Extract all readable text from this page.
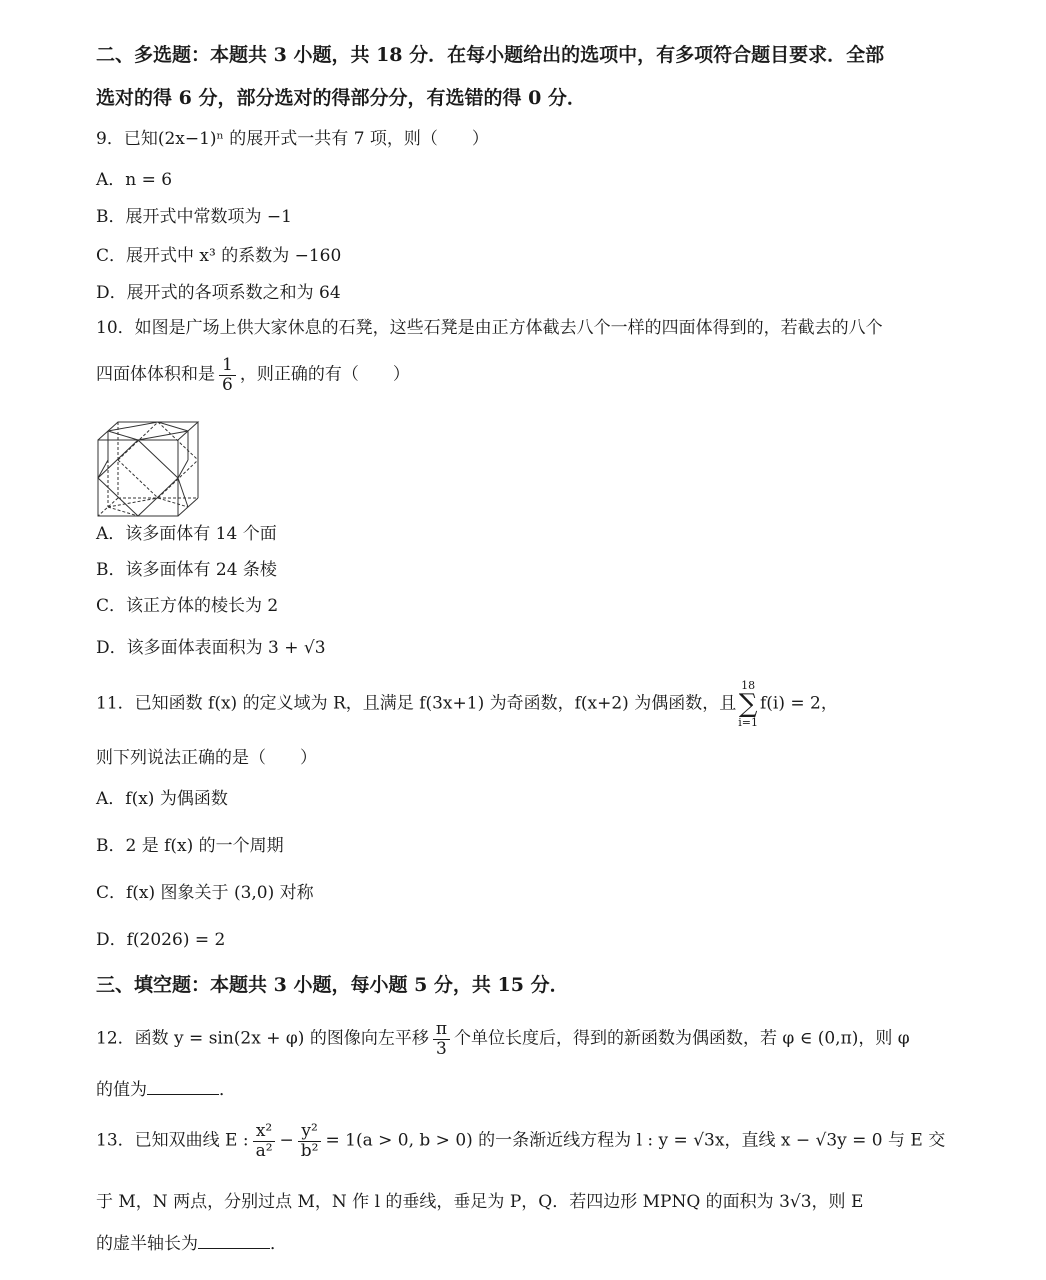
二、多选题：本题共 3 小题，共 18 分．在每小题给出的选项中，有多项符合题目要求．全部
选对的得 6 分，部分选对的得部分分，有选错的得 0 分．
9．已知(2x−1)ⁿ 的展开式一共有 7 项，则（　　）
A．n = 6
B．展开式中常数项为 −1
C．展开式中 x³ 的系数为 −160
D．展开式的各项系数之和为 64
10．如图是广场上供大家休息的石凳，这些石凳是由正方体截去八个一样的四面体得到的，若截去的八个
四面体体积和是 $\frac{1}{6}$ ，则正确的有（　　）
A．该多面体有 14 个面
B．该多面体有 24 条棱
C．该正方体的棱长为 2
D．该多面体表面积为 3 + √3
11．已知函数 f(x) 的定义域为 R，且满足 f(3x+1) 为奇函数，f(x+2) 为偶函数，且
18
∑
i=1
f(i) = 2，
则下列说法正确的是（　　）
A．f(x) 为偶函数
B．2 是 f(x) 的一个周期
C．f(x) 图象关于 (3,0) 对称
D．f(2026) = 2
三、填空题：本题共 3 小题，每小题 5 分，共 15 分．
12．函数 y = sin(2x + φ) 的图像向左平移 $\frac{\pi}{3}$ 个单位长度后，得到的新函数为偶函数，若 φ ∈ (0,π)，则 φ
的值为	．
13．已知双曲线 E : $\frac{\text{x²}}{\text{a²}} - \frac{\text{y²}}{\text{b²}} = 1(a > 0$, b > 0) 的一条渐近线方程为 l : y = √3x，直线 x − √3y = 0 与 E 交
于 M，N 两点，分别过点 M，N 作 l 的垂线，垂足为 P，Q．若四边形 MPNQ 的面积为 3√3，则 E
的虚半轴长为	．
